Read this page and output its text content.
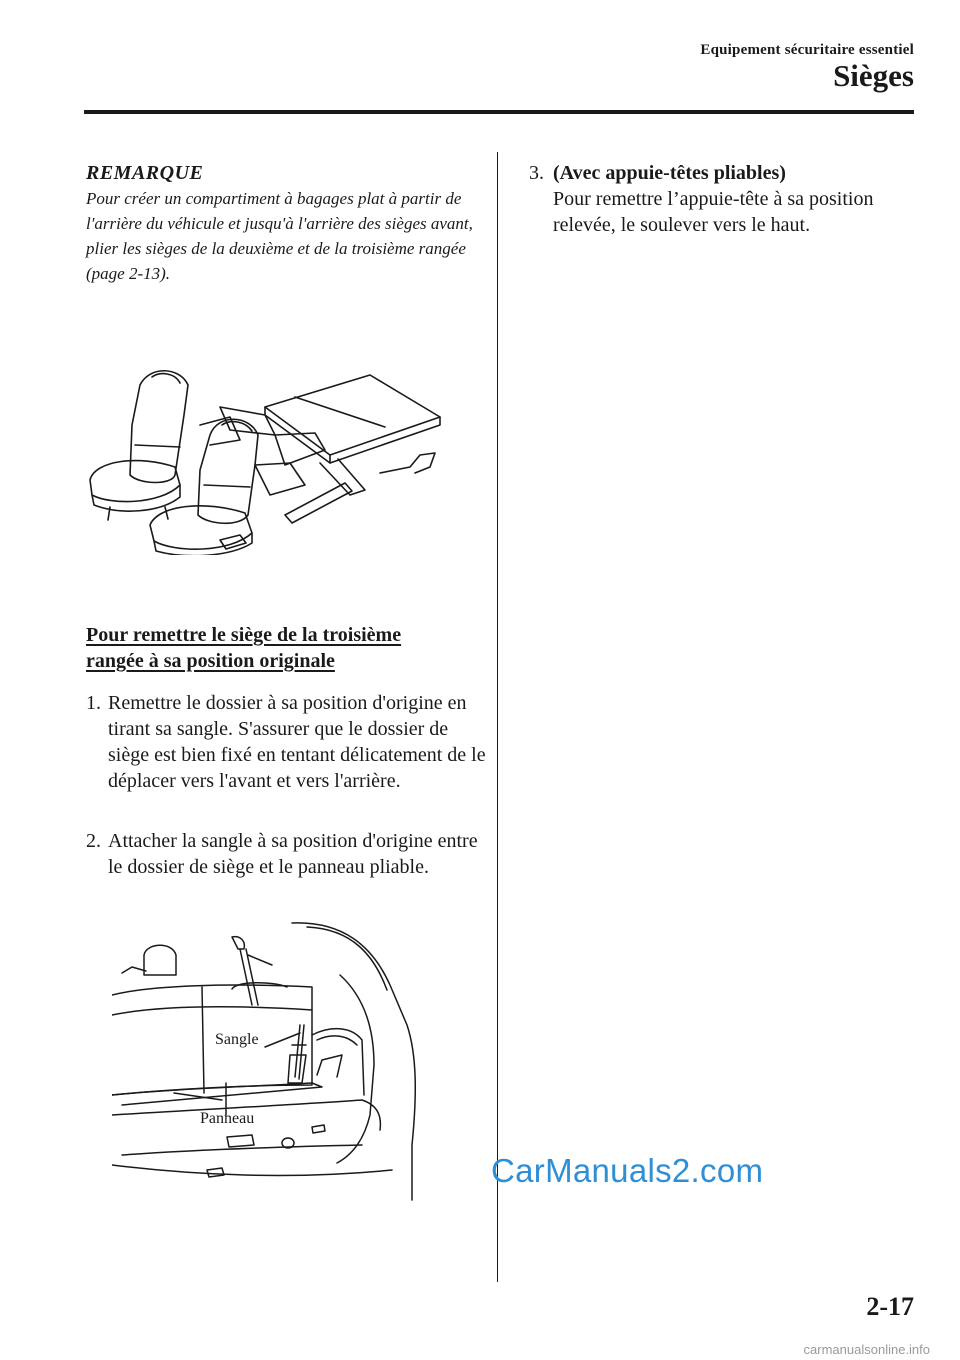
Equipement sécuritaire essentiel
Sièges
REMARQUE

Pour créer un compartiment à bagages plat à partir de l'arrière du véhicule et jusqu'à l'arrière des sièges avant, plier les sièges de la deuxième et de la troisième rangée (page 2-13).

Pour remettre le siège de la troisième
rangée à sa position originale
1. Remettre le dossier à sa position d'origine en tirant sa sangle. S'assurer que le dossier de siège est bien fixé en tentant délicatement de le déplacer vers l'avant et vers l'arrière.
2. Attacher la sangle à sa position d'origine entre le dossier de siège et le panneau pliable.
3. (Avec appuie-têtes pliables)
Pour remettre l’appuie-tête à sa position relevée, le soulever vers le haut.
Sangle
Panneau
2-17
CarManuals2.com
carmanualsonline.info
